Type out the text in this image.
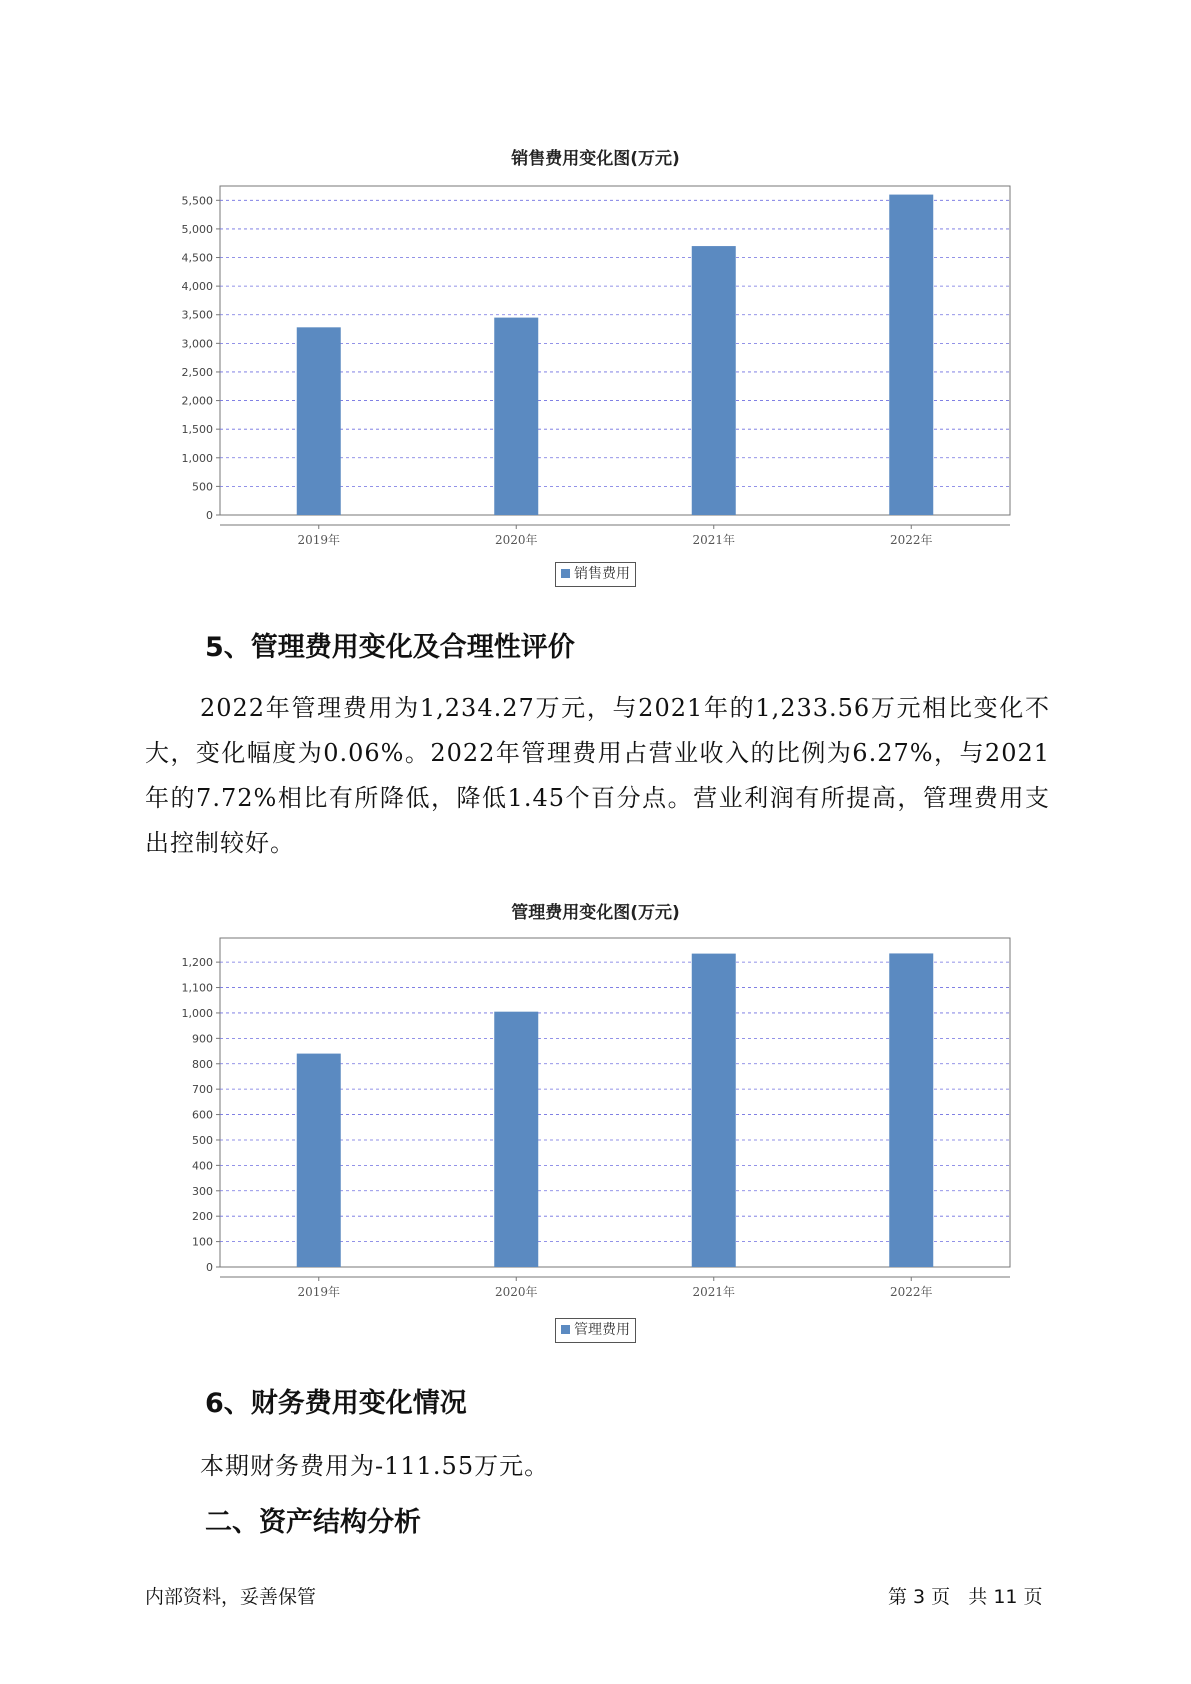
销售费用变化图(万元)
0
500
1,000
1,500
2,000
2,500
3,000
3,500
4,000
4,500
5,000
5,500
2019年	2020年	2021年	2022年
销售费用
5、管理费用变化及合理性评价

2022年管理费用为1,234.27万元，与2021年的1,233.56万元相比变化不大，变化幅度为0.06%。2022年管理费用占营业收入的比例为6.27%，与2021年的7.72%相比有所降低，降低1.45个百分点。营业利润有所提高，管理费用支出控制较好。

管理费用变化图(万元)
0
100
200
300
400
500
600
700
800
900
1,000
1,100
1,200
2019年	2020年	2021年	2022年
管理费用
6、财务费用变化情况
本期财务费用为-111.55万元。
二、资产结构分析
内部资料，妥善保管	第 3 页   共 11 页
